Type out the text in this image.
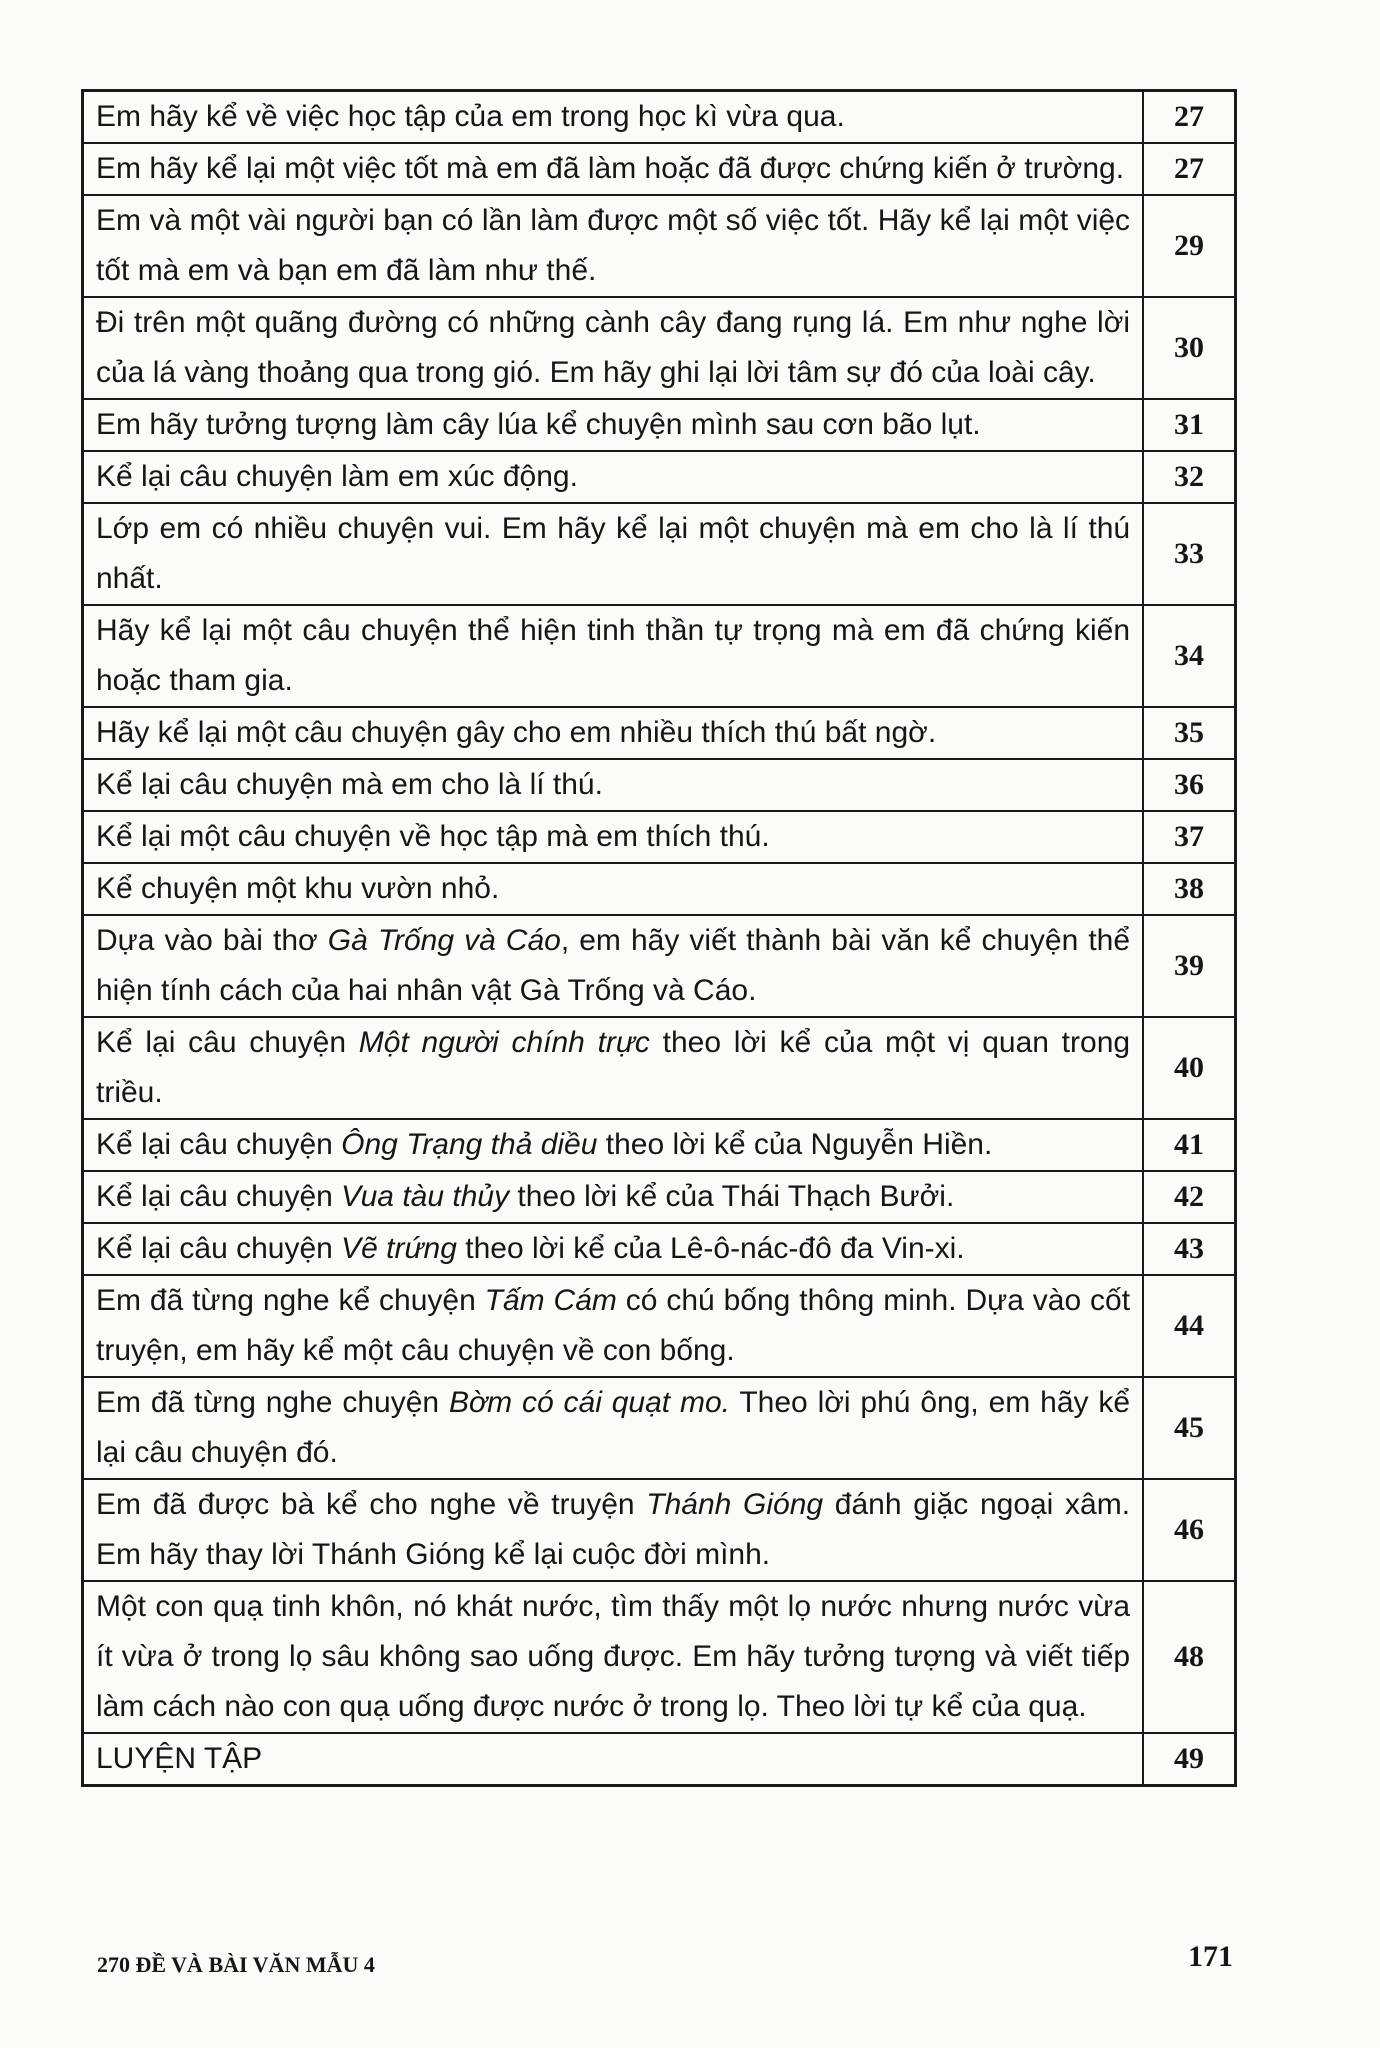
Em hãy kể về việc học tập của em trong học kì vừa qua.	27
Em hãy kể lại một việc tốt mà em đã làm hoặc đã được chứng kiến ở trường.	27
Em và một vài người bạn có lần làm được một số việc tốt. Hãy kể lại một việc tốt mà em và bạn em đã làm như thế.	29
Đi trên một quãng đường có những cành cây đang rụng lá. Em như nghe lời của lá vàng thoảng qua trong gió. Em hãy ghi lại lời tâm sự đó của loài cây.	30
Em hãy tưởng tượng làm cây lúa kể chuyện mình sau cơn bão lụt.	31
Kể lại câu chuyện làm em xúc động.	32
Lớp em có nhiều chuyện vui. Em hãy kể lại một chuyện mà em cho là lí thú nhất.	33
Hãy kể lại một câu chuyện thể hiện tinh thần tự trọng mà em đã chứng kiến hoặc tham gia.	34
Hãy kể lại một câu chuyện gây cho em nhiều thích thú bất ngờ.	35
Kể lại câu chuyện mà em cho là lí thú.	36
Kể lại một câu chuyện về học tập mà em thích thú.	37
Kể chuyện một khu vườn nhỏ.	38
Dựa vào bài thơ Gà Trống và Cáo, em hãy viết thành bài văn kể chuyện thể hiện tính cách của hai nhân vật Gà Trống và Cáo.	39
Kể lại câu chuyện Một người chính trực theo lời kể của một vị quan trong triều.	40
Kể lại câu chuyện Ông Trạng thả diều theo lời kể của Nguyễn Hiền.	41
Kể lại câu chuyện Vua tàu thủy theo lời kể của Thái Thạch Bưởi.	42
Kể lại câu chuyện Vẽ trứng theo lời kể của Lê-ô-nác-đô đa Vin-xi.	43
Em đã từng nghe kể chuyện Tấm Cám có chú bống thông minh. Dựa vào cốt truyện, em hãy kể một câu chuyện về con bống.	44
Em đã từng nghe chuyện Bờm có cái quạt mo. Theo lời phú ông, em hãy kể lại câu chuyện đó.	45
Em đã được bà kể cho nghe về truyện Thánh Gióng đánh giặc ngoại xâm. Em hãy thay lời Thánh Gióng kể lại cuộc đời mình.	46
Một con quạ tinh khôn, nó khát nước, tìm thấy một lọ nước nhưng nước vừa ít vừa ở trong lọ sâu không sao uống được. Em hãy tưởng tượng và viết tiếp làm cách nào con quạ uống được nước ở trong lọ. Theo lời tự kể của quạ.	48
LUYỆN TẬP	49
270 ĐỀ VÀ BÀI VĂN MẪU 4	171
